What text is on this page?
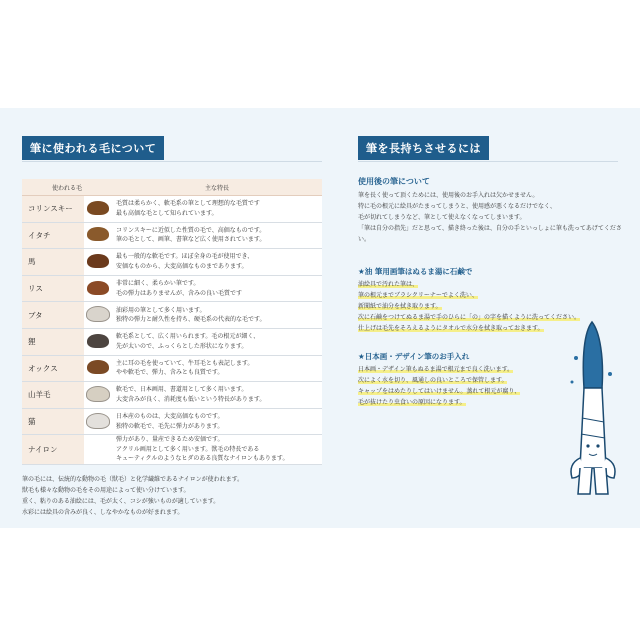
筆に使われる毛について
使われる毛		主な特長
コリンスキー		毛質は柔らかく、軟毛系の筆として理想的な毛質です
最も高価な毛として知られています。
イタチ		コリンスキーに近似した性質の毛で、高価なものです。
筆の毛として、画筆、書筆など広く使用されています。
馬		最も一般的な軟毛です。ほぼ全身の毛が使用でき、
安価なものから、大変高価なものまであります。
リス		非常に細く、柔らかい筆です。
毛の弾力はありませんが、含みの良い毛質です
ブタ		油彩用の筆として多く用います。
独特の弾力と耐久性を持ち、硬毛系の代表的な毛です。
狸		軟毛系として、広く用いられます。毛の根元が細く、
先が太いので、ふっくらとした形状になります。
オックス		主に耳の毛を使っていて、牛耳毛とも表記します。
やや軟毛で、弾力、含みとも良質です。
山羊毛		軟毛で、日本画用、書道用として多く用います。
大変含みが良く、消耗度も低いという特長があります。
猫		日本産のものは、大変高価なものです。
独特の軟毛で、毛先に弾力があります。
ナイロン		弾力があり、量産できるため安価です。
アクリル画用として多く用います。獣毛の特長である
キューティクルのようなヒダのある良質なナイロンもあります。
筆の毛には、伝統的な動物の毛（獣毛）と化学繊維であるナイロンが使われます。
獣毛も様々な動物の毛をその用途によって使い分けています。
重く、粘りのある油絵には、毛が太く、コシが強いものが適しています。
水彩には絵具の含みが良く、しなやかなものが好まれます。
筆を長持ちさせるには
使用後の筆について
筆を長く使って頂くためには、使用後のお手入れは欠かせません。
特に毛の根元に絵具がたまってしまうと、使用感が悪くなるだけでなく、
毛が切れてしまうなど、筆として使えなくなってしまいます。
「筆は自分の指先」だと思って、描き終った後は、自分の手といっしょに筆も洗ってあげてください。
★油 筆用画筆はぬるま湯に石鹸で
油絵具で汚れた筆は、
筆の根元までブラシクリーナーでよく洗い、
新聞紙で油分を拭き取ります。
次に石鹸をつけてぬるま湯で手のひらに「の」の字を描くように洗ってください。
仕上げは毛先をそろえるようにタオルで水分を拭き取っておきます。
★日本画・デザイン筆のお手入れ
日本画・デザイン筆もぬるま湯で根元まで良く洗います。
次によく水を切り、風通しの良いところで保管します。
キャップをはめたりしてはいけません。蒸れて根元が腐り、
毛が抜けたり虫食いの原因になります。
